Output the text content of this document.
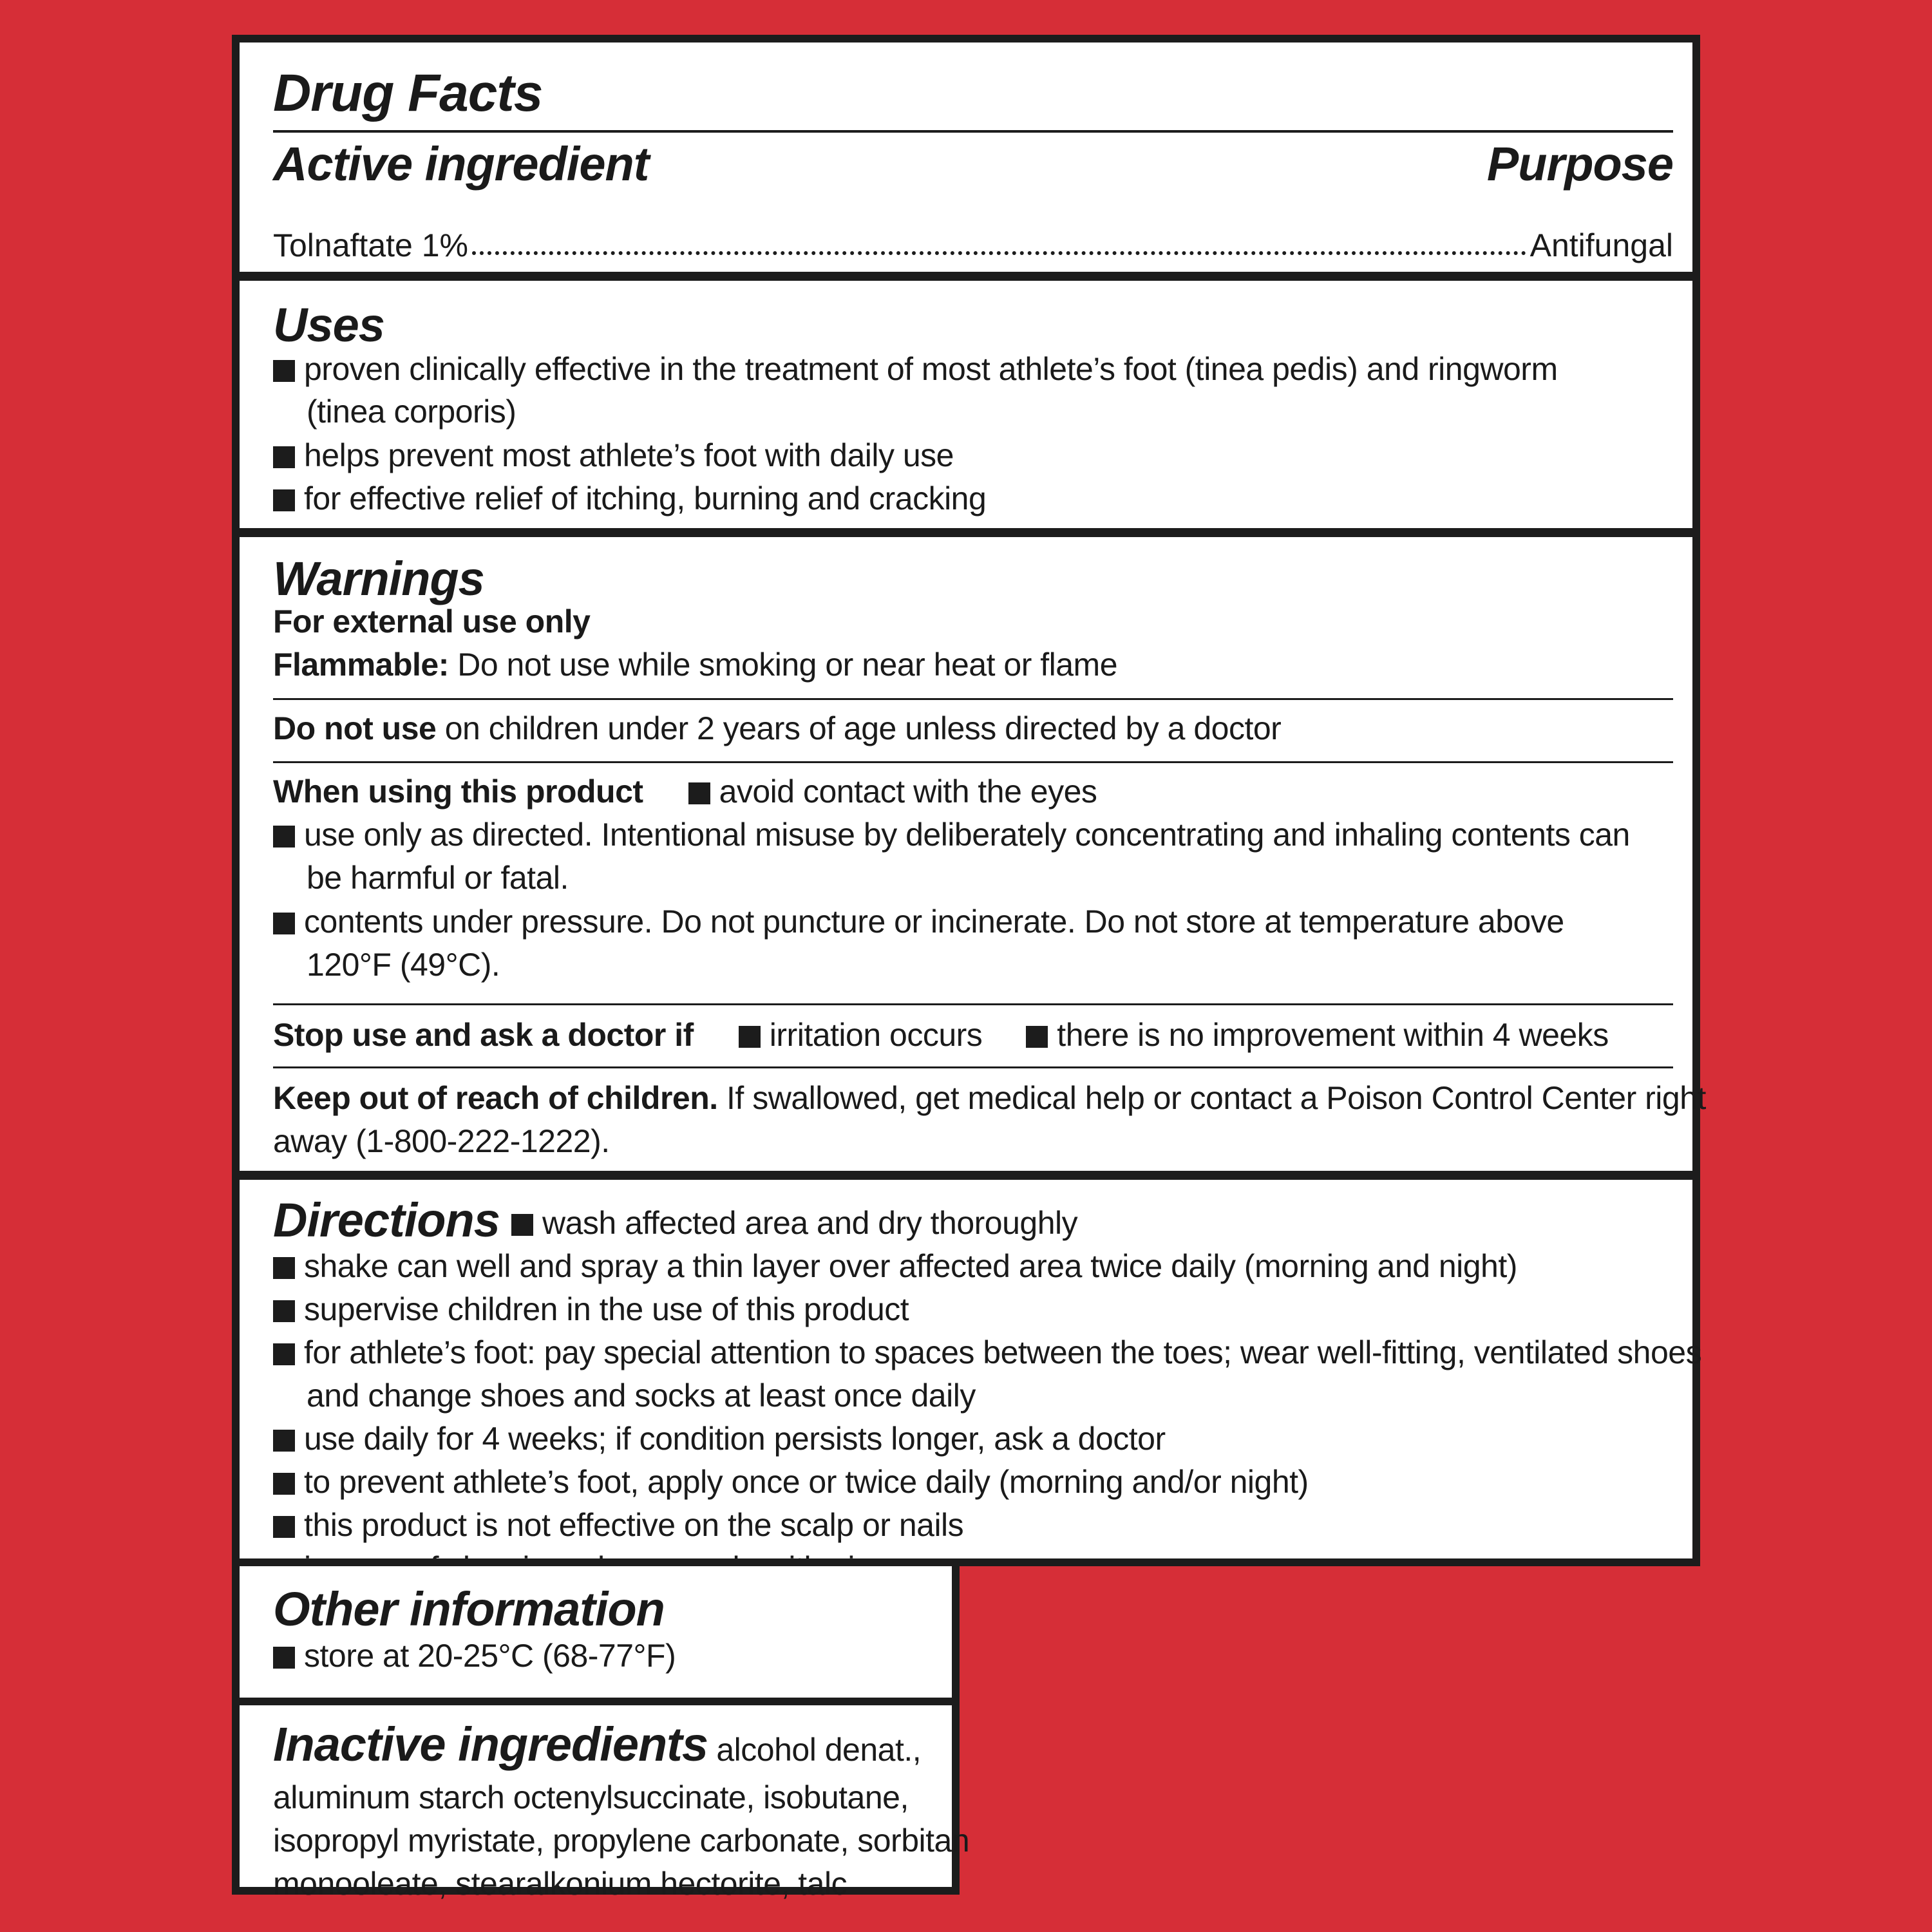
Drug Facts
Active ingredient	Purpose
Tolnaftate 1%	Antifungal
Uses
proven clinically effective in the treatment of most athlete’s foot (tinea pedis) and ringworm
(tinea corporis)
helps prevent most athlete’s foot with daily use
for effective relief of itching, burning and cracking
Warnings
For external use only
Flammable: Do not use while smoking or near heat or flame
Do not use on children under 2 years of age unless directed by a doctor
When using this product avoid contact with the eyes
use only as directed. Intentional misuse by deliberately concentrating and inhaling contents can
be harmful or fatal.
contents under pressure. Do not puncture or incinerate. Do not store at temperature above
120°F (49°C).
Stop use and ask a doctor if irritation occurs there is no improvement within 4 weeks
Keep out of reach of children. If swallowed, get medical help or contact a Poison Control Center right
away (1-800-222-1222).
Directions	wash affected area and dry thoroughly
shake can well and spray a thin layer over affected area twice daily (morning and night)
supervise children in the use of this product
for athlete’s foot: pay special attention to spaces between the toes; wear well-fitting, ventilated shoes
and change shoes and socks at least once daily
use daily for 4 weeks; if condition persists longer, ask a doctor
to prevent athlete’s foot, apply once or twice daily (morning and/or night)
this product is not effective on the scalp or nails
Other information
store at 20-25°C (68-77°F)
Inactive ingredients alcohol denat.,
aluminum starch octenylsuccinate, isobutane,
isopropyl myristate, propylene carbonate, sorbitan
monooleate, stearalkonium hectorite, talc
